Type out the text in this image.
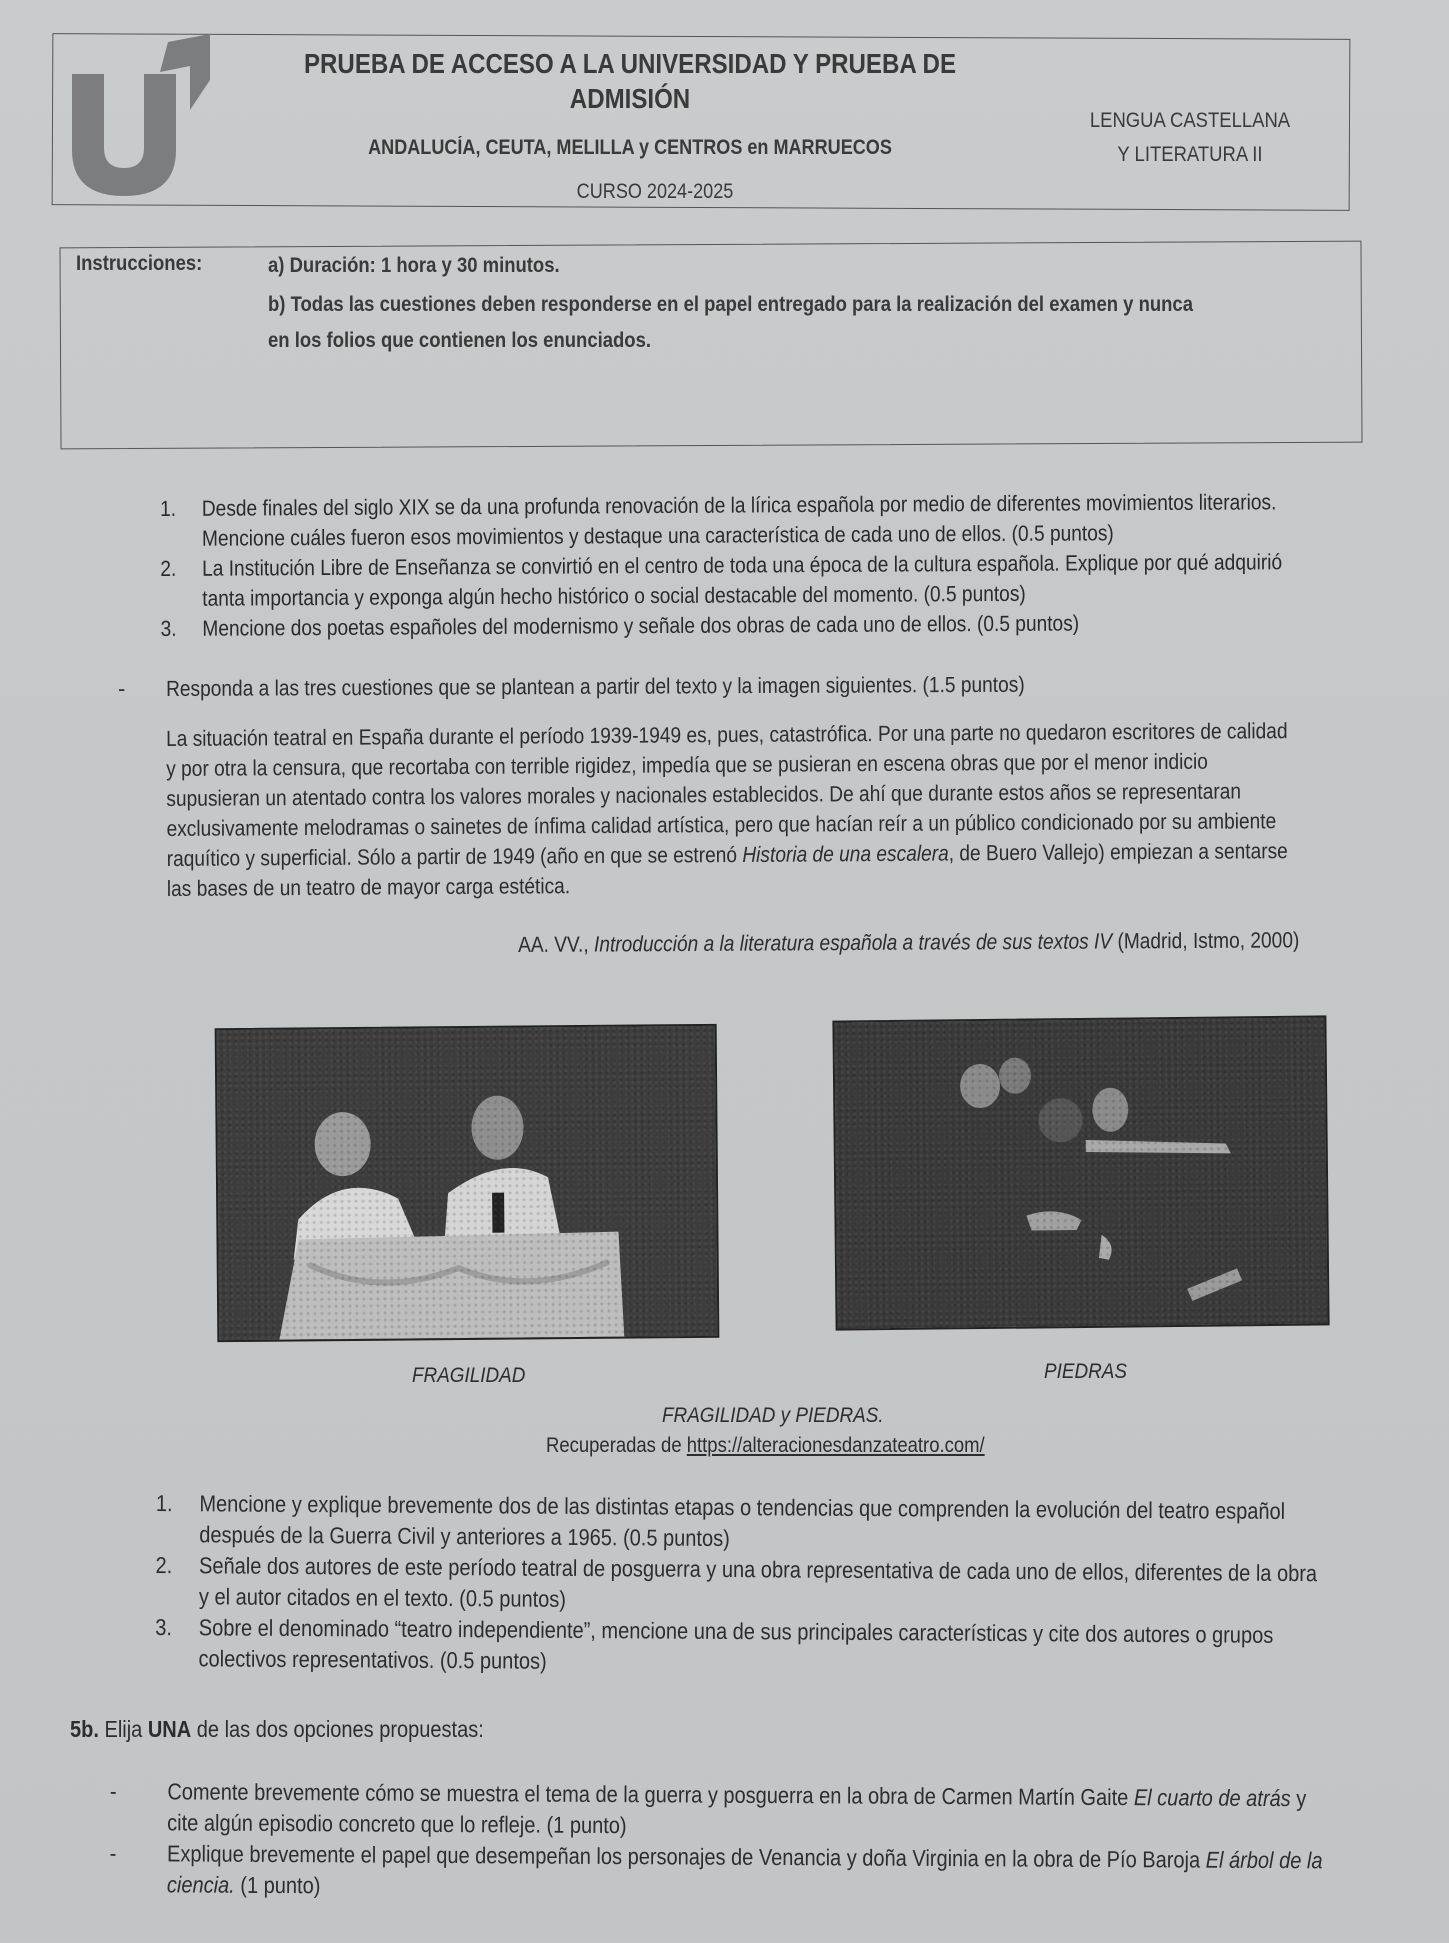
PRUEBA DE ACCESO A LA UNIVERSIDAD Y PRUEBA DE
ADMISIÓN
ANDALUCÍA, CEUTA, MELILLA y CENTROS en MARRUECOS
CURSO 2024-2025
LENGUA CASTELLANA
Y LITERATURA II
Instrucciones:	a) Duración: 1 hora y 30 minutos.
b) Todas las cuestiones deben responderse en el papel entregado para la realización del examen y nunca
en los folios que contienen los enunciados.
1. Desde finales del siglo XIX se da una profunda renovación de la lírica española por medio de diferentes movimientos literarios.
Mencione cuáles fueron esos movimientos y destaque una característica de cada uno de ellos. (0.5 puntos)
2. La Institución Libre de Enseñanza se convirtió en el centro de toda una época de la cultura española. Explique por qué adquirió
tanta importancia y exponga algún hecho histórico o social destacable del momento. (0.5 puntos)
3. Mencione dos poetas españoles del modernismo y señale dos obras de cada uno de ellos. (0.5 puntos)
- Responda a las tres cuestiones que se plantean a partir del texto y la imagen siguientes. (1.5 puntos)

La situación teatral en España durante el período 1939-1949 es, pues, catastrófica. Por una parte no quedaron escritores de calidad

y por otra la censura, que recortaba con terrible rigidez, impedía que se pusieran en escena obras que por el menor indicio

supusieran un atentado contra los valores morales y nacionales establecidos. De ahí que durante estos años se representaran

exclusivamente melodramas o sainetes de ínfima calidad artística, pero que hacían reír a un público condicionado por su ambiente

raquítico y superficial. Sólo a partir de 1949 (año en que se estrenó Historia de una escalera, de Buero Vallejo) empiezan a sentarse

las bases de un teatro de mayor carga estética.

AA. VV., Introducción a la literatura española a través de sus textos IV (Madrid, Istmo, 2000)
FRAGILIDAD	PIEDRAS
FRAGILIDAD y PIEDRAS.
Recuperadas de https://alteracionesdanzateatro.com/
1. Mencione y explique brevemente dos de las distintas etapas o tendencias que comprenden la evolución del teatro español
después de la Guerra Civil y anteriores a 1965. (0.5 puntos)
2. Señale dos autores de este período teatral de posguerra y una obra representativa de cada uno de ellos, diferentes de la obra
y el autor citados en el texto. (0.5 puntos)
3. Sobre el denominado “teatro independiente”, mencione una de sus principales características y cite dos autores o grupos
colectivos representativos. (0.5 puntos)
5b. Elija UNA de las dos opciones propuestas:
- Comente brevemente cómo se muestra el tema de la guerra y posguerra en la obra de Carmen Martín Gaite El cuarto de atrás y
cite algún episodio concreto que lo refleje. (1 punto)
- Explique brevemente el papel que desempeñan los personajes de Venancia y doña Virginia en la obra de Pío Baroja El árbol de la
ciencia. (1 punto)
